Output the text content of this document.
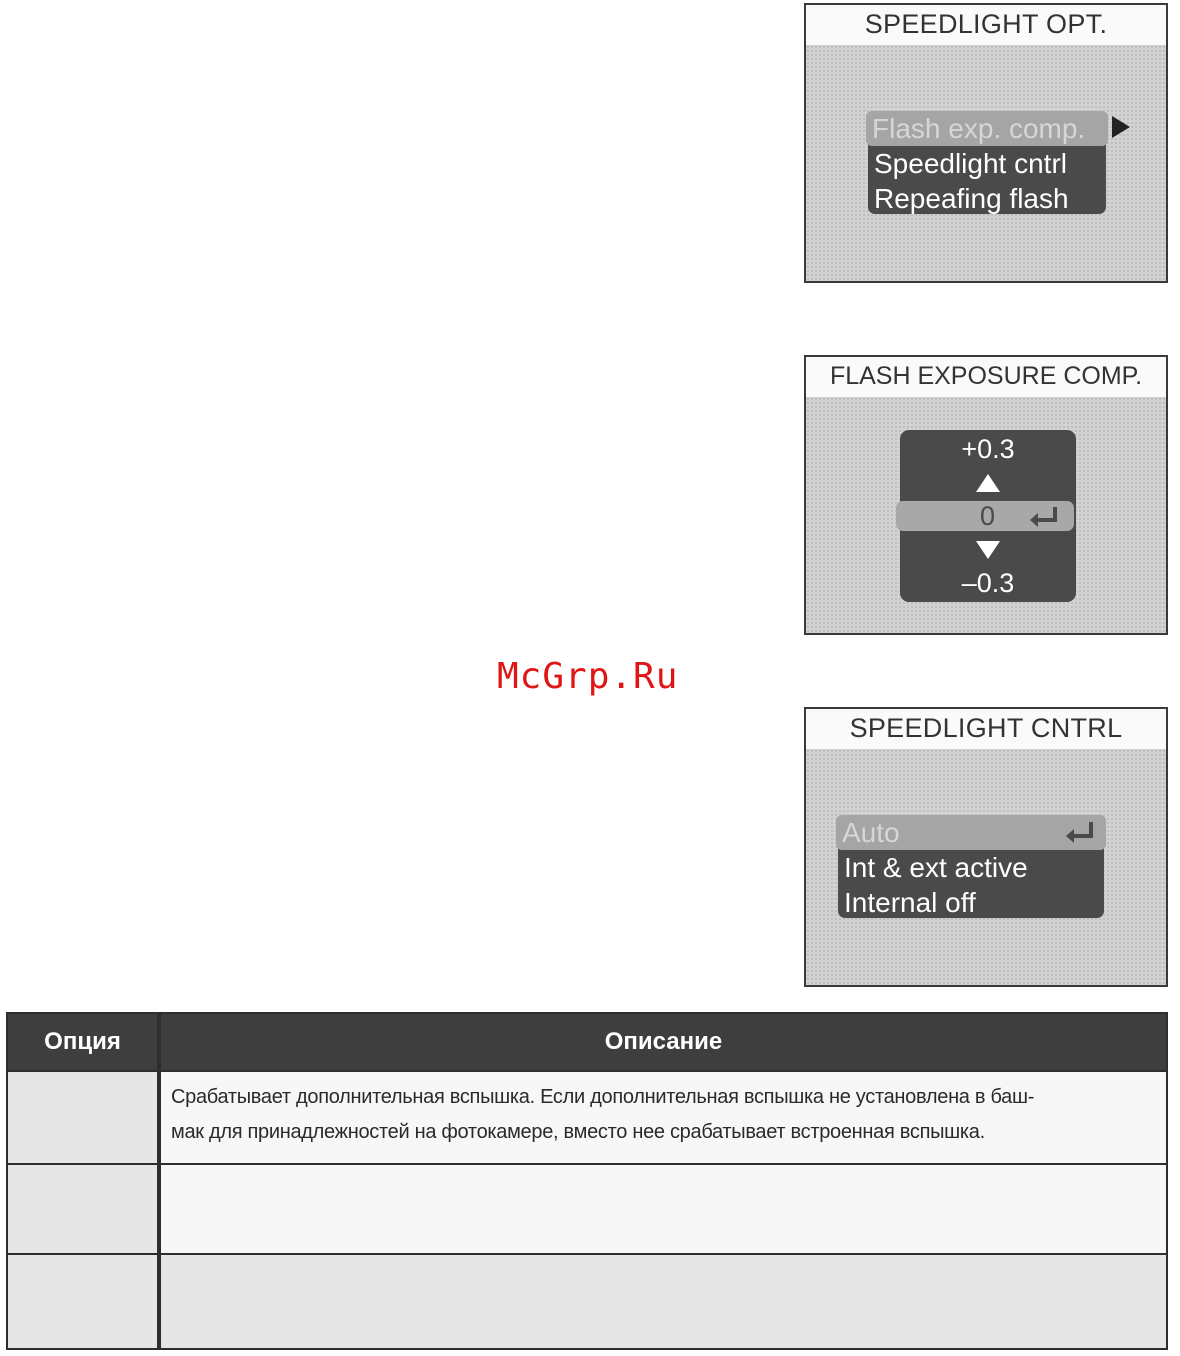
SPEEDLIGHT OPT.
Flash exp. comp.
Speedlight cntrl
Repeafing flash
FLASH EXPOSURE COMP.
+0.3
0
–0.3
McGrp.Ru
SPEEDLIGHT CNTRL
Auto
Int & ext active
Internal off
Опция	Описание
Срабатывает дополнительная вспышка. Если дополнительная вспышка не установлена в баш-
мак для принадлежностей на фотокамере, вместо нее срабатывает встроенная вспышка.
